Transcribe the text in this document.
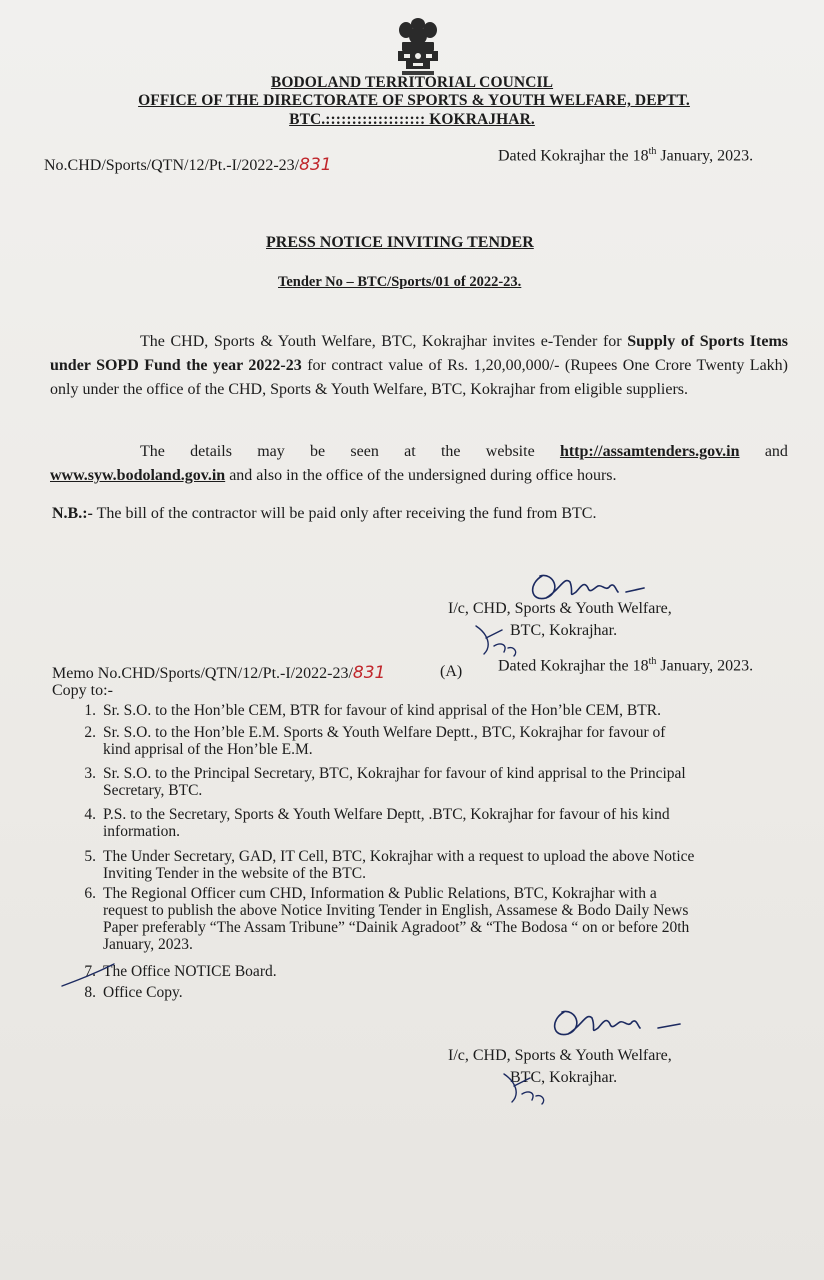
BODOLAND TERRITORIAL COUNCIL
OFFICE OF THE DIRECTORATE OF SPORTS & YOUTH WELFARE, DEPTT.
BTC.::::::::::::::::::: KOKRAJHAR.
No.CHD/Sports/QTN/12/Pt.-I/2022-23/831	Dated Kokrajhar the 18th January, 2023.
PRESS NOTICE INVITING TENDER
Tender No – BTC/Sports/01 of 2022-23.
The CHD, Sports & Youth Welfare, BTC, Kokrajhar invites e-Tender for Supply of Sports Items under SOPD Fund the year 2022-23 for contract value of Rs. 1,20,00,000/- (Rupees One Crore Twenty Lakh) only under the office of the CHD, Sports & Youth Welfare, BTC, Kokrajhar from eligible suppliers.
The details may be seen at the website http://assamtenders.gov.in and
www.syw.bodoland.gov.in and also in the office of the undersigned during office hours.
N.B.:- The bill of the contractor will be paid only after receiving the fund from BTC.
I/c, CHD, Sports & Youth Welfare,
BTC, Kokrajhar.
Memo No.CHD/Sports/QTN/12/Pt.-I/2022-23/831	(A) Dated Kokrajhar the 18th January, 2023.
Copy to:-
1. Sr. S.O. to the Hon’ble CEM, BTR for favour of kind apprisal of the Hon’ble CEM, BTR.
2. Sr. S.O. to the Hon’ble E.M. Sports & Youth Welfare Deptt., BTC, Kokrajhar for favour of
kind apprisal of the Hon’ble E.M.
3. Sr. S.O. to the Principal Secretary, BTC, Kokrajhar for favour of kind apprisal to the Principal
Secretary, BTC.
4. P.S. to the Secretary, Sports & Youth Welfare Deptt, .BTC, Kokrajhar for favour of his kind
information.
5. The Under Secretary, GAD, IT Cell, BTC, Kokrajhar with a request to upload the above Notice
Inviting Tender in the website of the BTC.
6. The Regional Officer cum CHD, Information & Public Relations, BTC, Kokrajhar with a
request to publish the above Notice Inviting Tender in English, Assamese & Bodo Daily News
Paper preferably “The Assam Tribune” “Dainik Agradoot” & “The Bodosa “ on or before 20th
January, 2023.
7. The Office NOTICE Board.
8. Office Copy.
I/c, CHD, Sports & Youth Welfare,
BTC, Kokrajhar.
